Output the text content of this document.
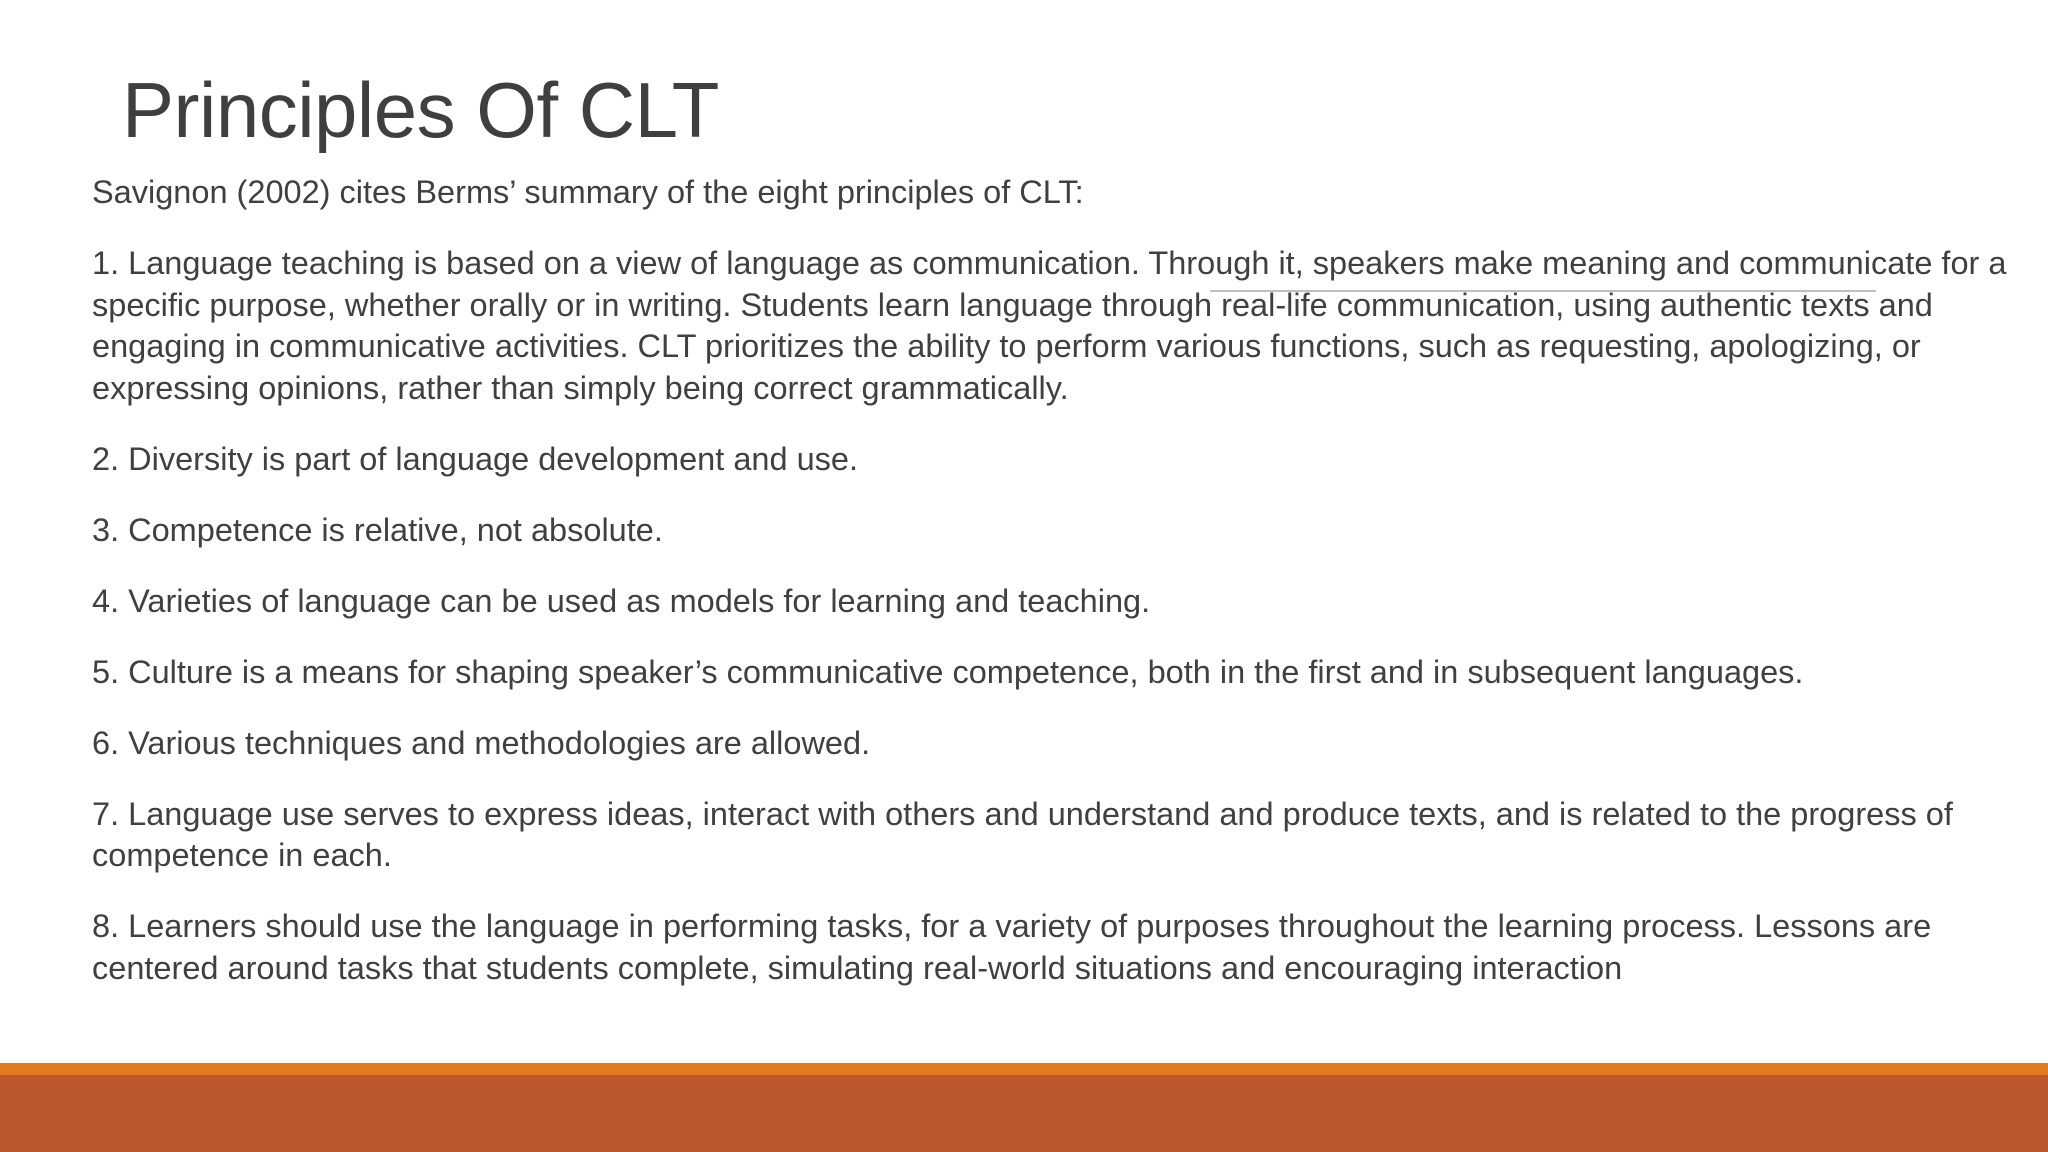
Principles Of CLT

Savignon (2002) cites Berms’ summary of the eight principles of CLT:

1. Language teaching is based on a view of language as communication. Through it, speakers make meaning and communicate for a specific purpose, whether orally or in writing. Students learn language through real-life communication, using authentic texts and engaging in communicative activities. CLT prioritizes the ability to perform various functions, such as requesting, apologizing, or expressing opinions, rather than simply being correct grammatically.

2. Diversity is part of language development and use.

3. Competence is relative, not absolute.

4. Varieties of language can be used as models for learning and teaching.

5. Culture is a means for shaping speaker’s communicative competence, both in the first and in subsequent languages.

6. Various techniques and methodologies are allowed.

7. Language use serves to express ideas, interact with others and understand and produce texts, and is related to the progress of competence in each.

8. Learners should use the language in performing tasks, for a variety of purposes throughout the learning process. Lessons are centered around tasks that students complete, simulating real-world situations and encouraging interaction
